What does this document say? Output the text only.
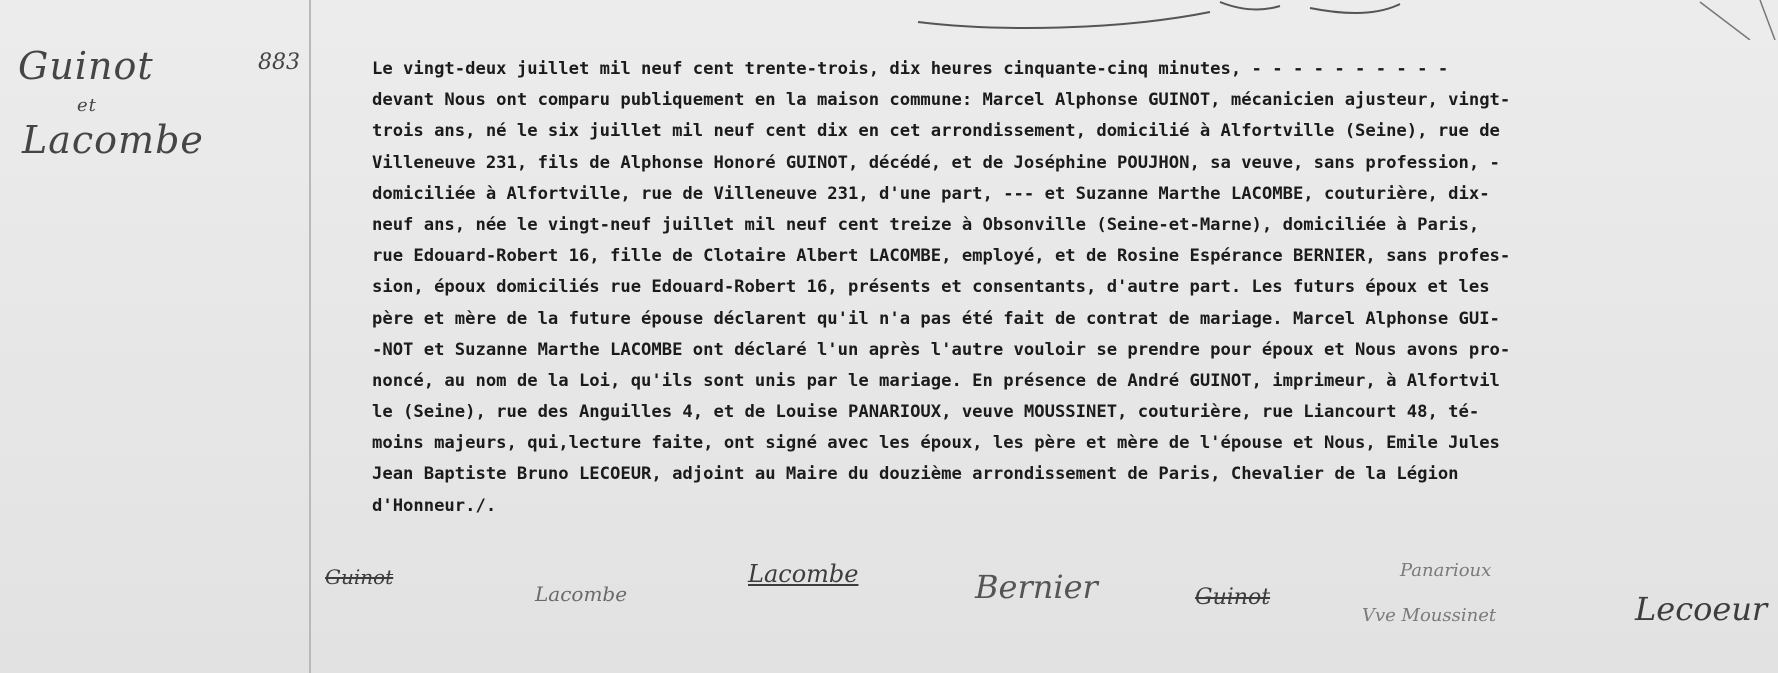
Guinot
et
Lacombe
883	Le vingt-deux juillet mil neuf cent trente-trois, dix heures cinquante-cinq minutes, - - - - - - - - - -
devant Nous ont comparu publiquement en la maison commune: Marcel Alphonse GUINOT, mécanicien ajusteur, vingt-
trois ans, né le six juillet mil neuf cent dix en cet arrondissement, domicilié à Alfortville (Seine), rue de
Villeneuve 231, fils de Alphonse Honoré GUINOT, décédé, et de Joséphine POUJHON, sa veuve, sans profession, -
domiciliée à Alfortville, rue de Villeneuve 231, d'une part, --- et Suzanne Marthe LACOMBE, couturière, dix-
neuf ans, née le vingt-neuf juillet mil neuf cent treize à Obsonville (Seine-et-Marne), domiciliée à Paris,
rue Edouard-Robert 16, fille de Clotaire Albert LACOMBE, employé, et de Rosine Espérance BERNIER, sans profes-
sion, époux domiciliés rue Edouard-Robert 16, présents et consentants, d'autre part. Les futurs époux et les
père et mère de la future épouse déclarent qu'il n'a pas été fait de contrat de mariage. Marcel Alphonse GUI-
-NOT et Suzanne Marthe LACOMBE ont déclaré l'un après l'autre vouloir se prendre pour époux et Nous avons pro-
noncé, au nom de la Loi, qu'ils sont unis par le mariage. En présence de André GUINOT, imprimeur, à Alfortvil
le (Seine), rue des Anguilles 4, et de Louise PANARIOUX, veuve MOUSSINET, couturière, rue Liancourt 48, té-
moins majeurs, qui,lecture faite, ont signé avec les époux, les père et mère de l'épouse et Nous, Emile Jules
Jean Baptiste Bruno LECOEUR, adjoint au Maire du douzième arrondissement de Paris, Chevalier de la Légion
d'Honneur./.
Guinot
Lacombe
Lacombe	Bernier	Guinot
Panarioux
Vve Moussinet	Lecoeur
